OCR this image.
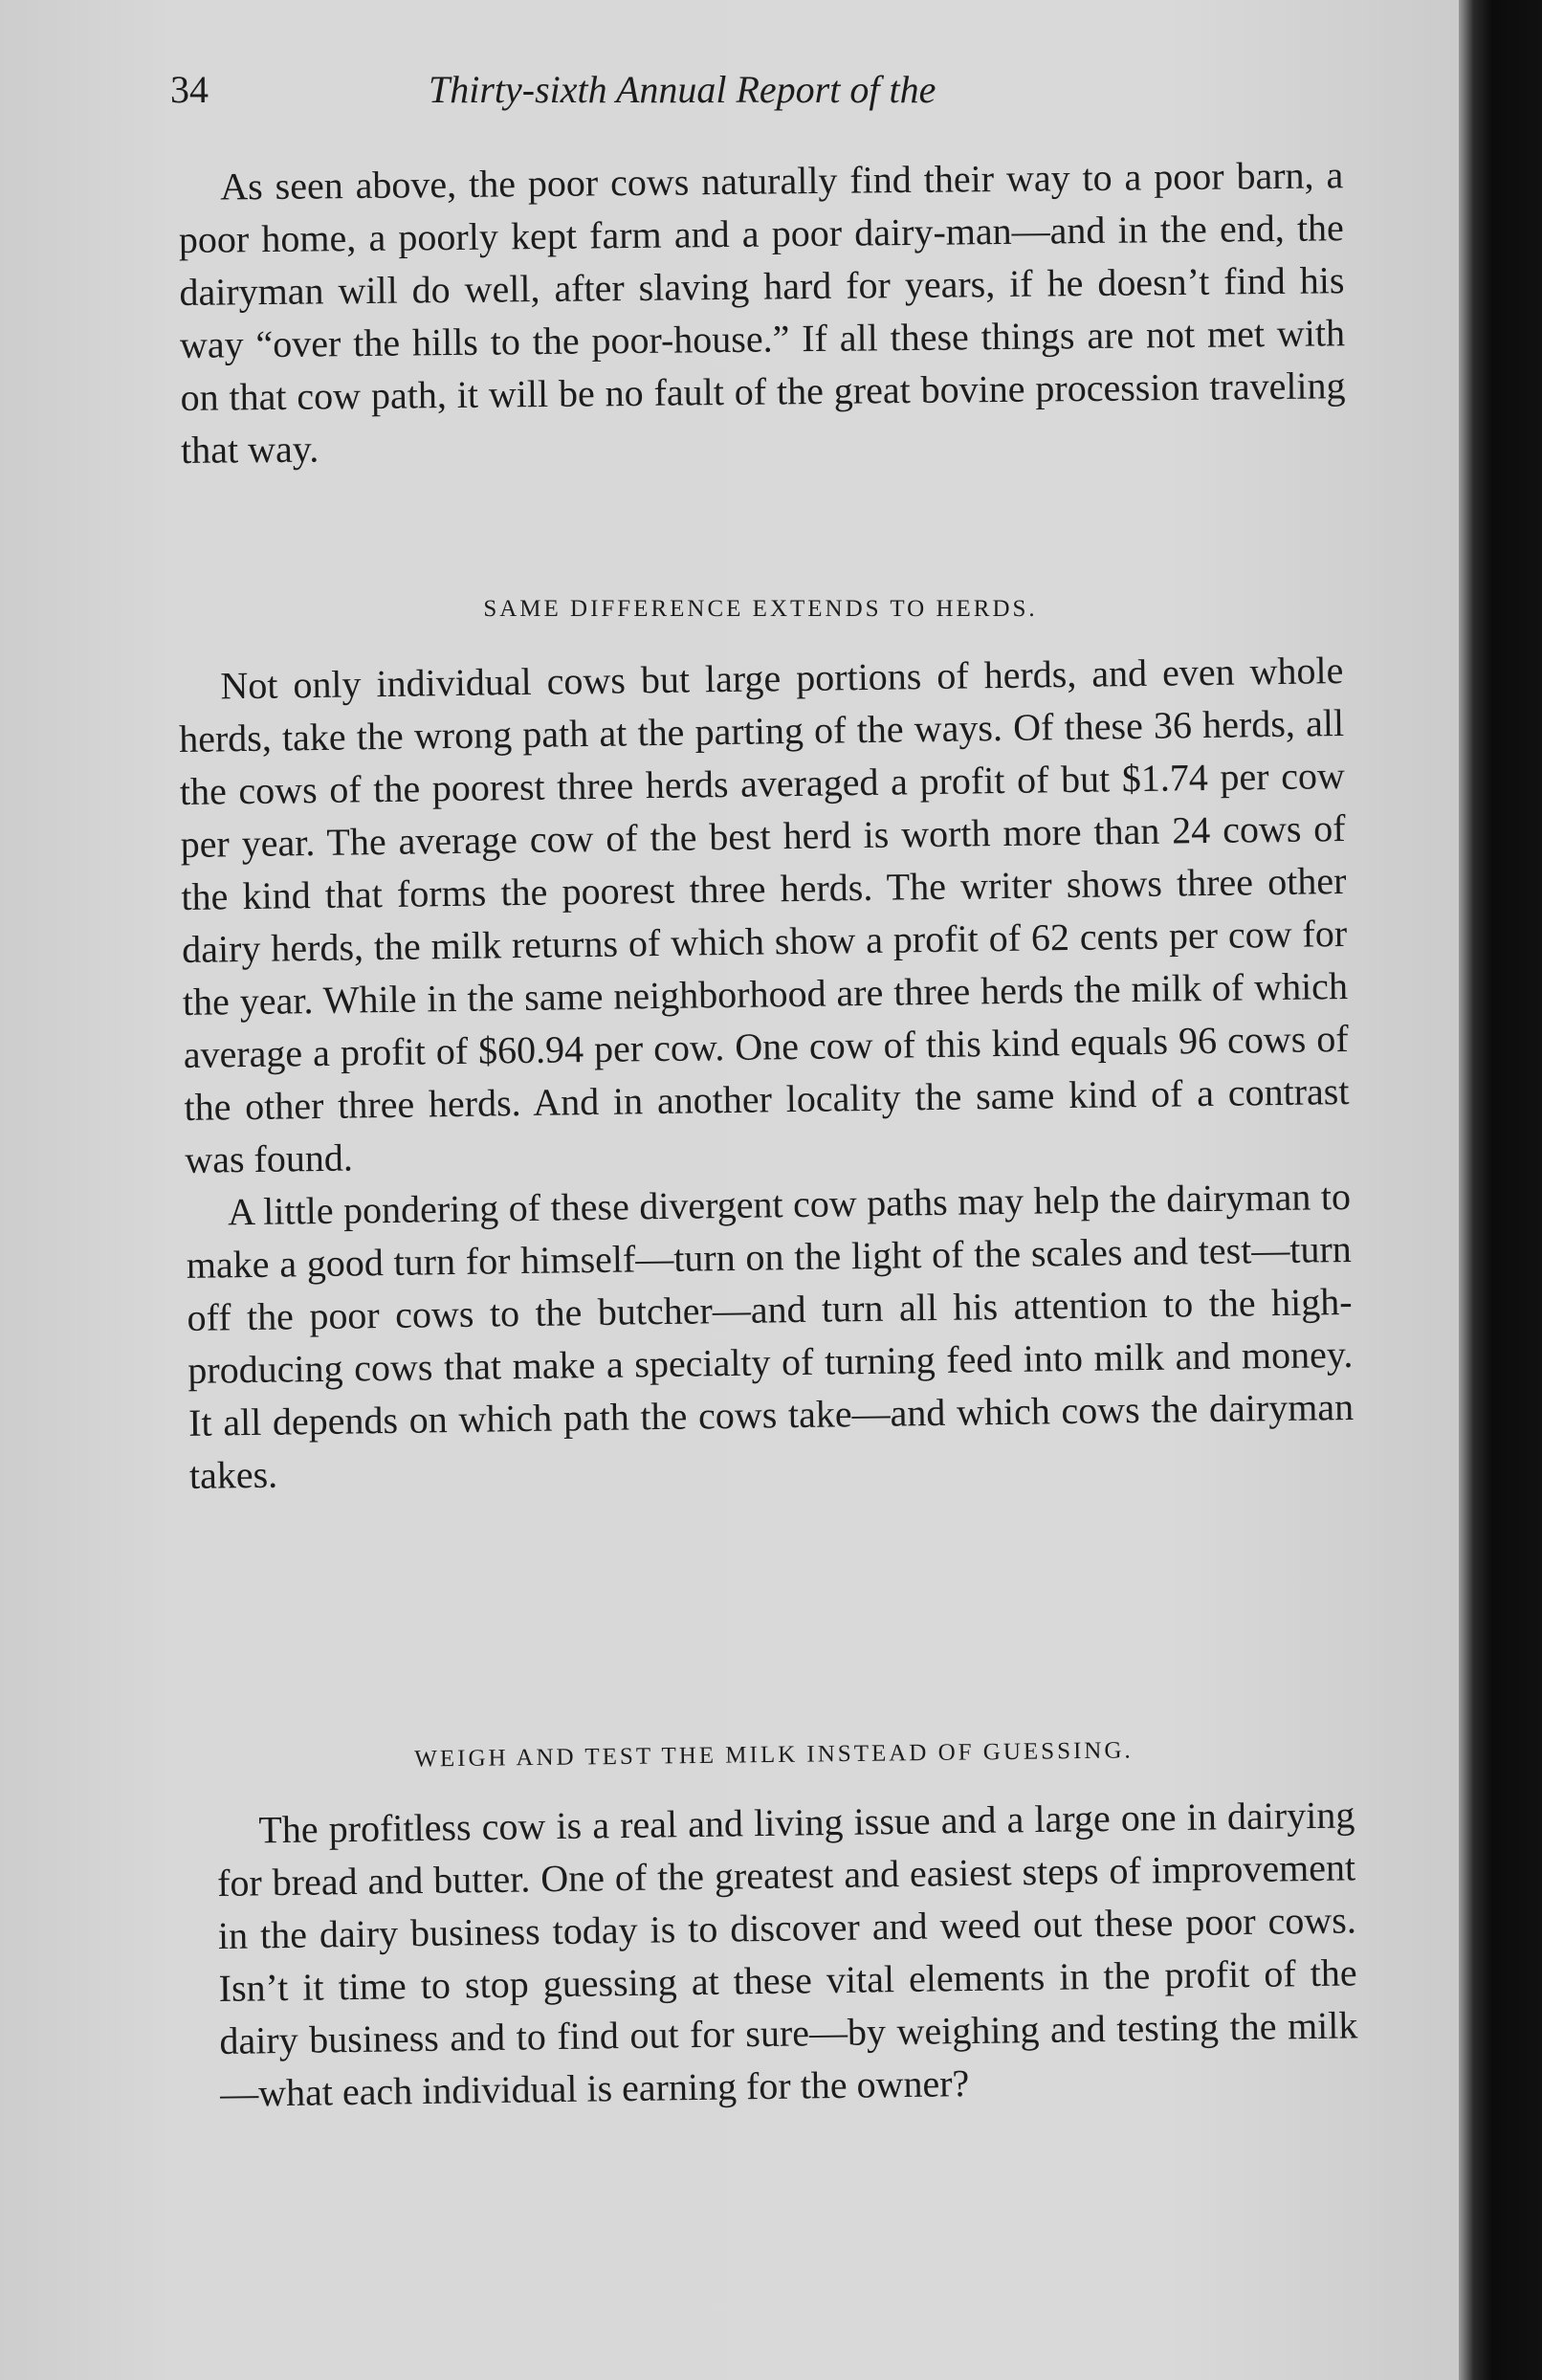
34	Thirty-sixth Annual Report of the

As seen above, the poor cows naturally find their way to a poor barn, a poor home, a poorly kept farm and a poor dairy-man—and in the end, the dairyman will do well, after slaving hard for years, if he doesn’t find his way “over the hills to the poor-house.” If all these things are not met with on that cow path, it will be no fault of the great bovine procession traveling that way.

SAME DIFFERENCE EXTENDS TO HERDS.

Not only individual cows but large portions of herds, and even whole herds, take the wrong path at the parting of the ways. Of these 36 herds, all the cows of the poorest three herds averaged a profit of but $1.74 per cow per year. The average cow of the best herd is worth more than 24 cows of the kind that forms the poorest three herds. The writer shows three other dairy herds, the milk returns of which show a profit of 62 cents per cow for the year. While in the same neighborhood are three herds the milk of which average a profit of $60.94 per cow. One cow of this kind equals 96 cows of the other three herds. And in another locality the same kind of a contrast was found.

A little pondering of these divergent cow paths may help the dairyman to make a good turn for himself—turn on the light of the scales and test—turn off the poor cows to the butcher—and turn all his attention to the high-producing cows that make a specialty of turning feed into milk and money. It all depends on which path the cows take—and which cows the dairyman takes.

WEIGH AND TEST THE MILK INSTEAD OF GUESSING.

The profitless cow is a real and living issue and a large one in dairying for bread and butter. One of the greatest and easiest steps of improvement in the dairy business today is to discover and weed out these poor cows. Isn’t it time to stop guessing at these vital elements in the profit of the dairy business and to find out for sure—by weighing and testing the milk—what each individual is earning for the owner?
